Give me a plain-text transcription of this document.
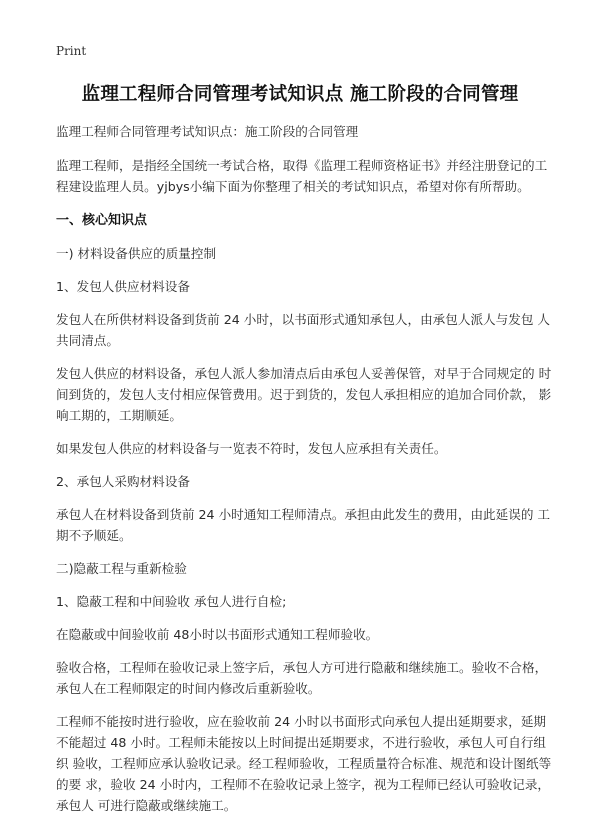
Print
监理工程师合同管理考试知识点 施工阶段的合同管理

监理工程师合同管理考试知识点：施工阶段的合同管理

监理工程师，是指经全国统一考试合格，取得《监理工程师资格证书》并经注册登记的工程建设监理人员。yjbys小编下面为你整理了相关的考试知识点，希望对你有所帮助。

一、核心知识点

一) 材料设备供应的质量控制

1、发包人供应材料设备

发包人在所供材料设备到货前 24 小时，以书面形式通知承包人，由承包人派人与发包 人共同清点。

发包人供应的材料设备，承包人派人参加清点后由承包人妥善保管，对早于合同规定的 时间到货的，发包人支付相应保管费用。迟于到货的，发包人承担相应的追加合同价款， 影响工期的，工期顺延。

如果发包人供应的材料设备与一览表不符时，发包人应承担有关责任。

2、承包人采购材料设备

承包人在材料设备到货前 24 小时通知工程师清点。承担由此发生的费用，由此延误的 工期不予顺延。

二)隐蔽工程与重新检验

1、隐蔽工程和中间验收 承包人进行自检;

在隐蔽或中间验收前 48小时以书面形式通知工程师验收。

验收合格，工程师在验收记录上签字后，承包人方可进行隐蔽和继续施工。验收不合格， 承包人在工程师限定的时间内修改后重新验收。

工程师不能按时进行验收，应在验收前 24 小时以书面形式向承包人提出延期要求，延期 不能超过 48 小时。工程师未能按以上时间提出延期要求，不进行验收，承包人可自行组织 验收，工程师应承认验收记录。经工程师验收，工程质量符合标准、规范和设计图纸等的要 求，验收 24 小时内，工程师不在验收记录上签字，视为工程师已经认可验收记录，承包人 可进行隐蔽或继续施工。
